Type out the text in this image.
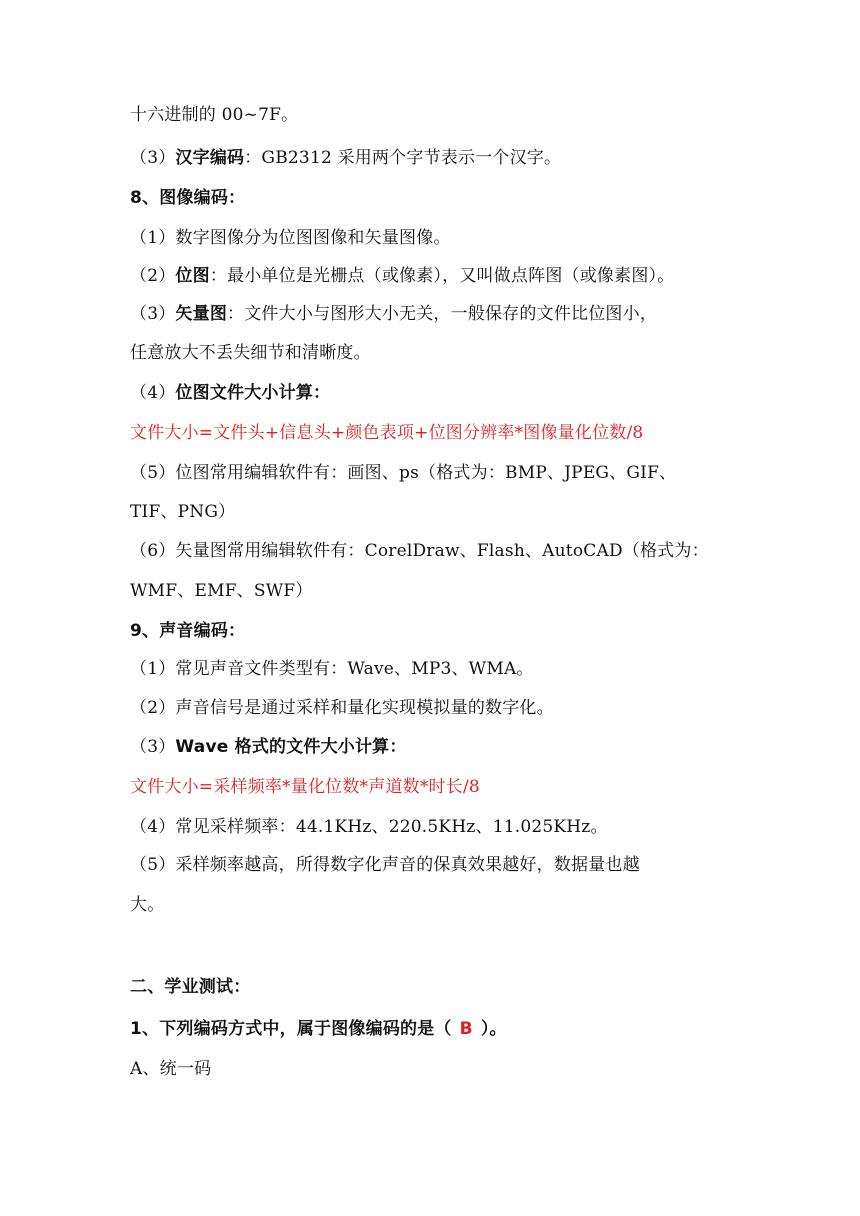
十六进制的 00~7F。
（3）汉字编码：GB2312 采用两个字节表示一个汉字。
8、图像编码：
（1）数字图像分为位图图像和矢量图像。
（2）位图：最小单位是光栅点（或像素），又叫做点阵图（或像素图）。
（3）矢量图：文件大小与图形大小无关，一般保存的文件比位图小，
任意放大不丢失细节和清晰度。
（4）位图文件大小计算：
文件大小=文件头+信息头+颜色表项+位图分辨率*图像量化位数/8
（5）位图常用编辑软件有：画图、ps（格式为：BMP、JPEG、GIF、
TIF、PNG）
（6）矢量图常用编辑软件有：CorelDraw、Flash、AutoCAD（格式为：
WMF、EMF、SWF）
9、声音编码：
（1）常见声音文件类型有：Wave、MP3、WMA。
（2）声音信号是通过采样和量化实现模拟量的数字化。
（3）Wave 格式的文件大小计算：
文件大小=采样频率*量化位数*声道数*时长/8
（4）常见采样频率：44.1KHz、220.5KHz、11.025KHz。
（5）采样频率越高，所得数字化声音的保真效果越好，数据量也越
大。
二、学业测试：
1、下列编码方式中，属于图像编码的是（ B ）。
A、统一码
